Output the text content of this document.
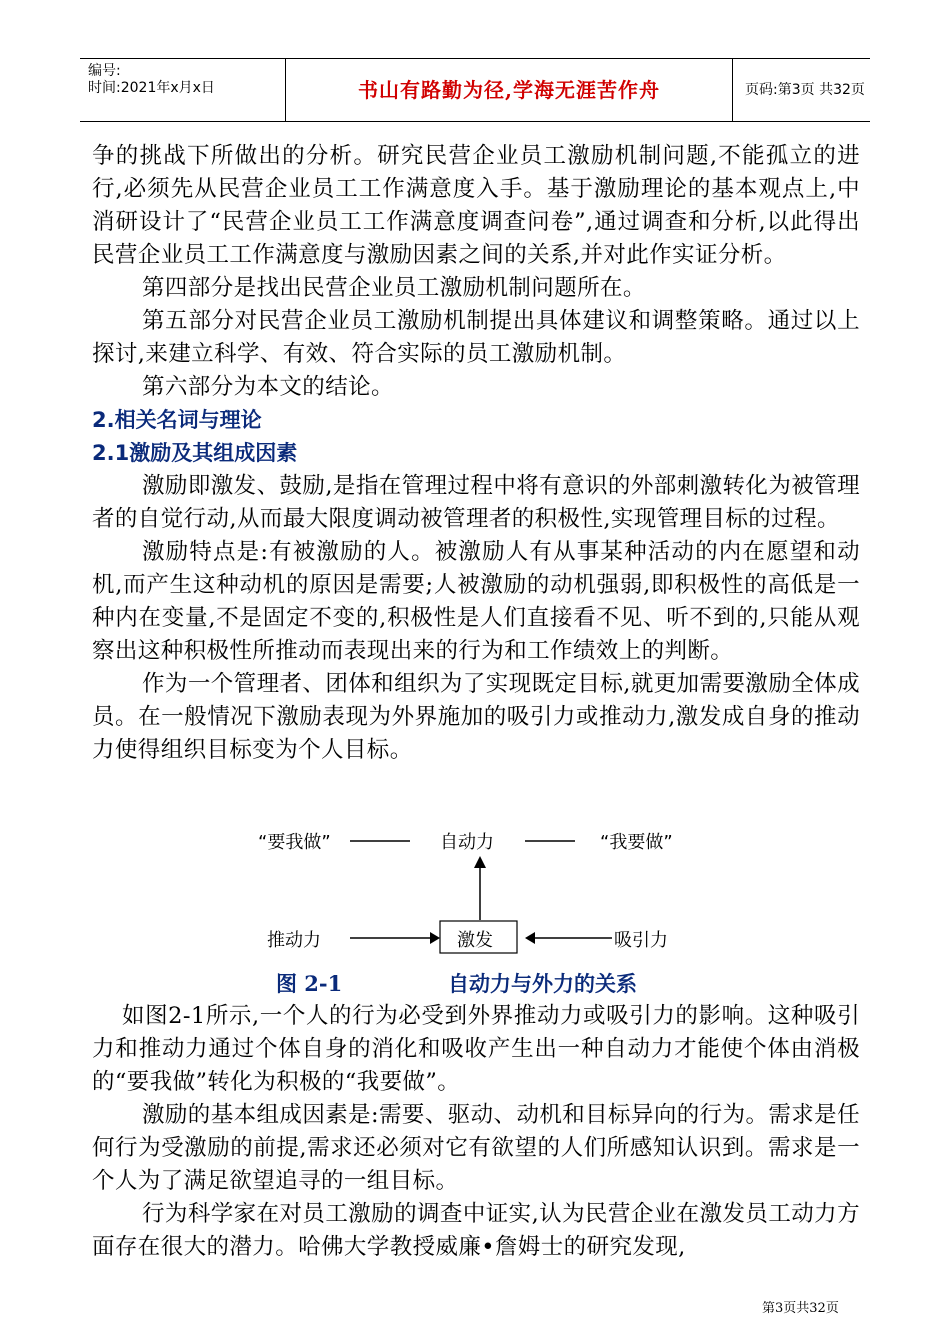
编号:
时间:2021年x月x日	书山有路勤为径,学海无涯苦作舟	页码:第3页 共32页

争的挑战下所做出的分析。研究民营企业员工激励机制问题,不能孤立的进行,必须先从民营企业员工工作满意度入手。基于激励理论的基本观点上,中消研设计了“民营企业员工工作满意度调查问卷”,通过调查和分析,以此得出民营企业员工工作满意度与激励因素之间的关系,并对此作实证分析。

第四部分是找出民营企业员工激励机制问题所在。

第五部分对民营企业员工激励机制提出具体建议和调整策略。通过以上探讨,来建立科学、有效、符合实际的员工激励机制。

第六部分为本文的结论。

2.相关名词与理论

2.1激励及其组成因素

激励即激发、鼓励,是指在管理过程中将有意识的外部刺激转化为被管理者的自觉行动,从而最大限度调动被管理者的积极性,实现管理目标的过程。

激励特点是:有被激励的人。被激励人有从事某种活动的内在愿望和动机,而产生这种动机的原因是需要;人被激励的动机强弱,即积极性的高低是一种内在变量,不是固定不变的,积极性是人们直接看不见、听不到的,只能从观察出这种积极性所推动而表现出来的行为和工作绩效上的判断。

作为一个管理者、团体和组织为了实现既定目标,就更加需要激励全体成员。在一般情况下激励表现为外界施加的吸引力或推动力,激发成自身的推动力使得组织目标变为个人目标。

“要我做”	自动力	“我要做”
推动力	激发	吸引力
图 2-1	自动力与外力的关系

如图2-1所示,一个人的行为必受到外界推动力或吸引力的影响。这种吸引力和推动力通过个体自身的消化和吸收产生出一种自动力才能使个体由消极的“要我做”转化为积极的“我要做”。

激励的基本组成因素是:需要、驱动、动机和目标异向的行为。需求是任何行为受激励的前提,需求还必须对它有欲望的人们所感知认识到。需求是一个人为了满足欲望追寻的一组目标。

行为科学家在对员工激励的调查中证实,认为民营企业在激发员工动力方面存在很大的潜力。哈佛大学教授威廉•詹姆士的研究发现,

第3页共32页
